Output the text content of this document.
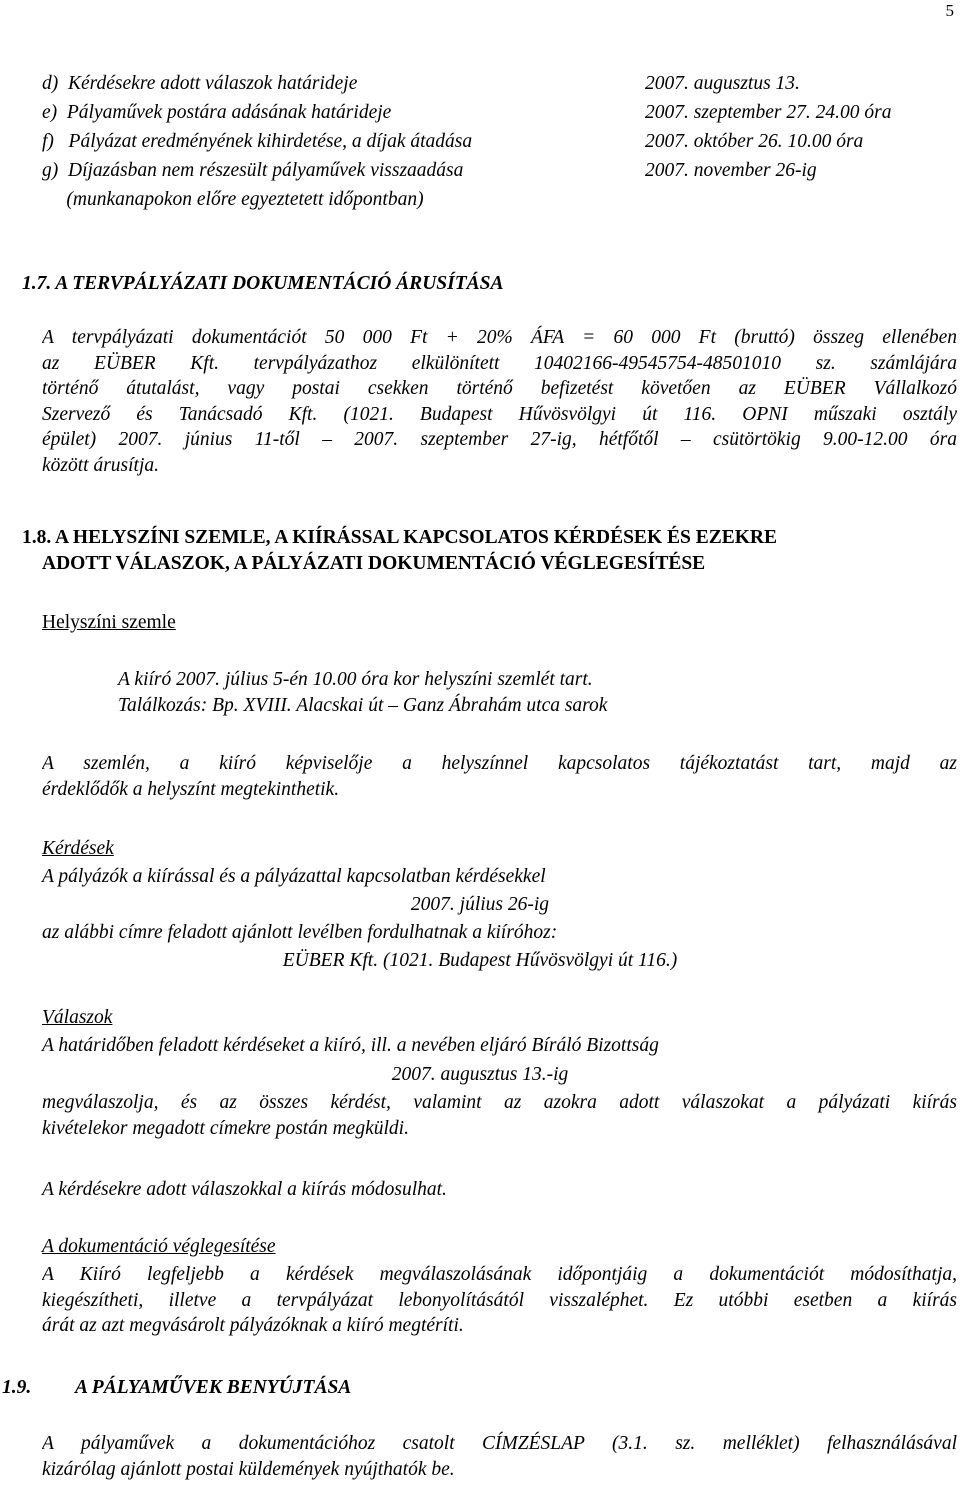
5
d)  Kérdésekre adott válaszok határideje	2007. augusztus 13.
e)  Pályaművek postára adásának határideje	2007. szeptember 27. 24.00 óra
f)   Pályázat eredményének kihirdetése, a díjak átadása	2007. október 26. 10.00 óra
g)  Díjazásban nem részesült pályaművek visszaadása	2007. november 26-ig
(munkanapokon előre egyeztetett időpontban)
1.7. A TERVPÁLYÁZATI DOKUMENTÁCIÓ ÁRUSÍTÁSA
A tervpályázati dokumentációt 50 000 Ft + 20% ÁFA = 60 000 Ft (bruttó) összeg ellenében
az EÜBER Kft. tervpályázathoz elkülönített 10402166-49545754-48501010 sz. számlájára
történő átutalást, vagy postai csekken történő befizetést követően az EÜBER Vállalkozó
Szervező és Tanácsadó Kft. (1021. Budapest Hűvösvölgyi út 116. OPNI műszaki osztály
épület) 2007. június 11-től – 2007. szeptember 27-ig, hétfőtől – csütörtökig 9.00-12.00 óra
között árusítja.
1.8. A HELYSZÍNI SZEMLE, A KIÍRÁSSAL KAPCSOLATOS KÉRDÉSEK ÉS EZEKRE
ADOTT VÁLASZOK, A PÁLYÁZATI DOKUMENTÁCIÓ VÉGLEGESÍTÉSE
Helyszíni szemle
A kiíró 2007. július 5-én 10.00 óra kor helyszíni szemlét tart.
Találkozás: Bp. XVIII. Alacskai út – Ganz Ábrahám utca sarok
A szemlén, a kiíró képviselője a helyszínnel kapcsolatos tájékoztatást tart, majd az
érdeklődők a helyszínt megtekinthetik.
Kérdések
A pályázók a kiírással és a pályázattal kapcsolatban kérdésekkel
2007. július 26-ig
az alábbi címre feladott ajánlott levélben fordulhatnak a kiíróhoz:
EÜBER Kft. (1021. Budapest Hűvösvölgyi út 116.)
Válaszok
A határidőben feladott kérdéseket a kiíró, ill. a nevében eljáró Bíráló Bizottság
2007. augusztus 13.-ig
megválaszolja, és az összes kérdést, valamint az azokra adott válaszokat a pályázati kiírás
kivételekor megadott címekre postán megküldi.
A kérdésekre adott válaszokkal a kiírás módosulhat.
A dokumentáció véglegesítése
A Kiíró legfeljebb a kérdések megválaszolásának időpontjáig a dokumentációt módosíthatja,
kiegészítheti, illetve a tervpályázat lebonyolításától visszaléphet. Ez utóbbi esetben a kiírás
árát az azt megvásárolt pályázóknak a kiíró megtéríti.
1.9. A PÁLYAMŰVEK BENYÚJTÁSA
A pályaművek a dokumentációhoz csatolt CÍMZÉSLAP (3.1. sz. melléklet) felhasználásával
kizárólag ajánlott postai küldemények nyújthatók be.
